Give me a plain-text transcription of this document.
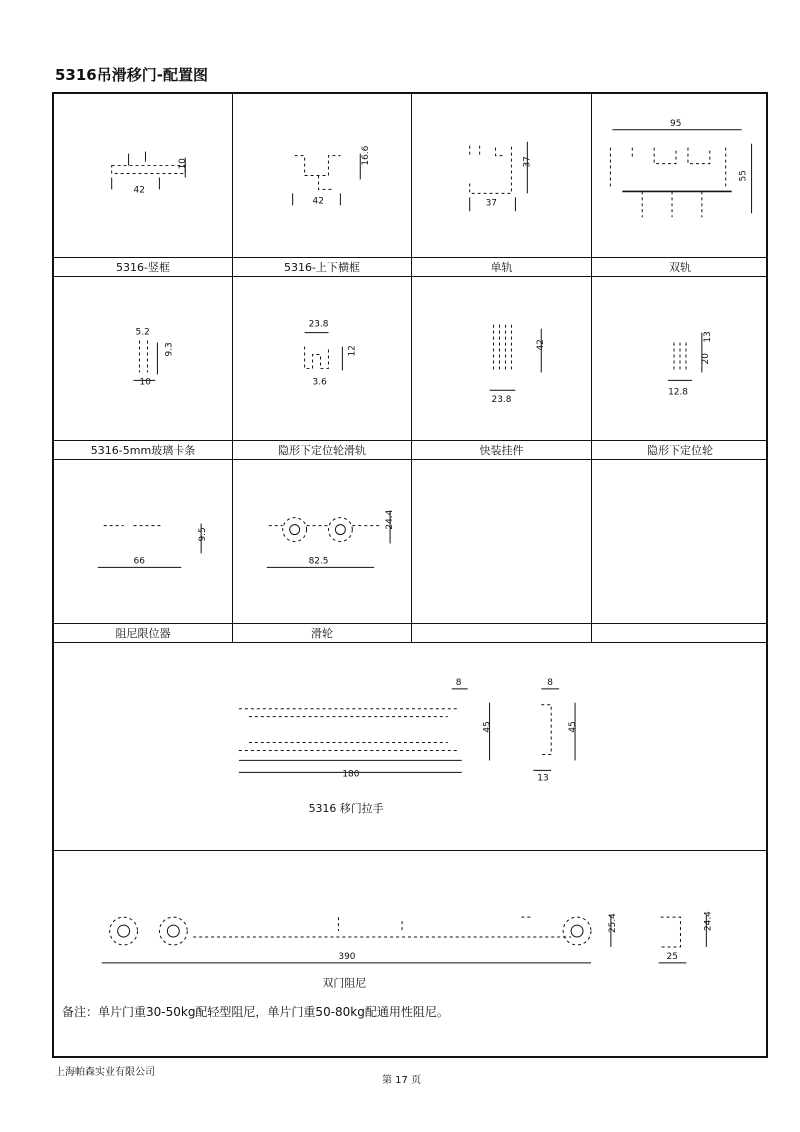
5316吊滑移门-配置图
42
10
42
16.6
37
37
95
55
5316-竖框	5316-上下横框	单轨	双轨
5.2
9.3
10
23.8
12
3.6
42
23.8
20
13
12.8
5316-5mm玻璃卡条	隐形下定位轮滑轨	快装挂件	隐形下定位轮
66
9.5
82.5
24.4
阻尼限位器	滑轮
180
8
45
8
45
13
5316 移门拉手
390
25.4	24.4
25
双门阻尼
备注：单片门重30-50kg配轻型阻尼，单片门重50-80kg配通用性阻尼。
上海帕森实业有限公司
第 17 页
